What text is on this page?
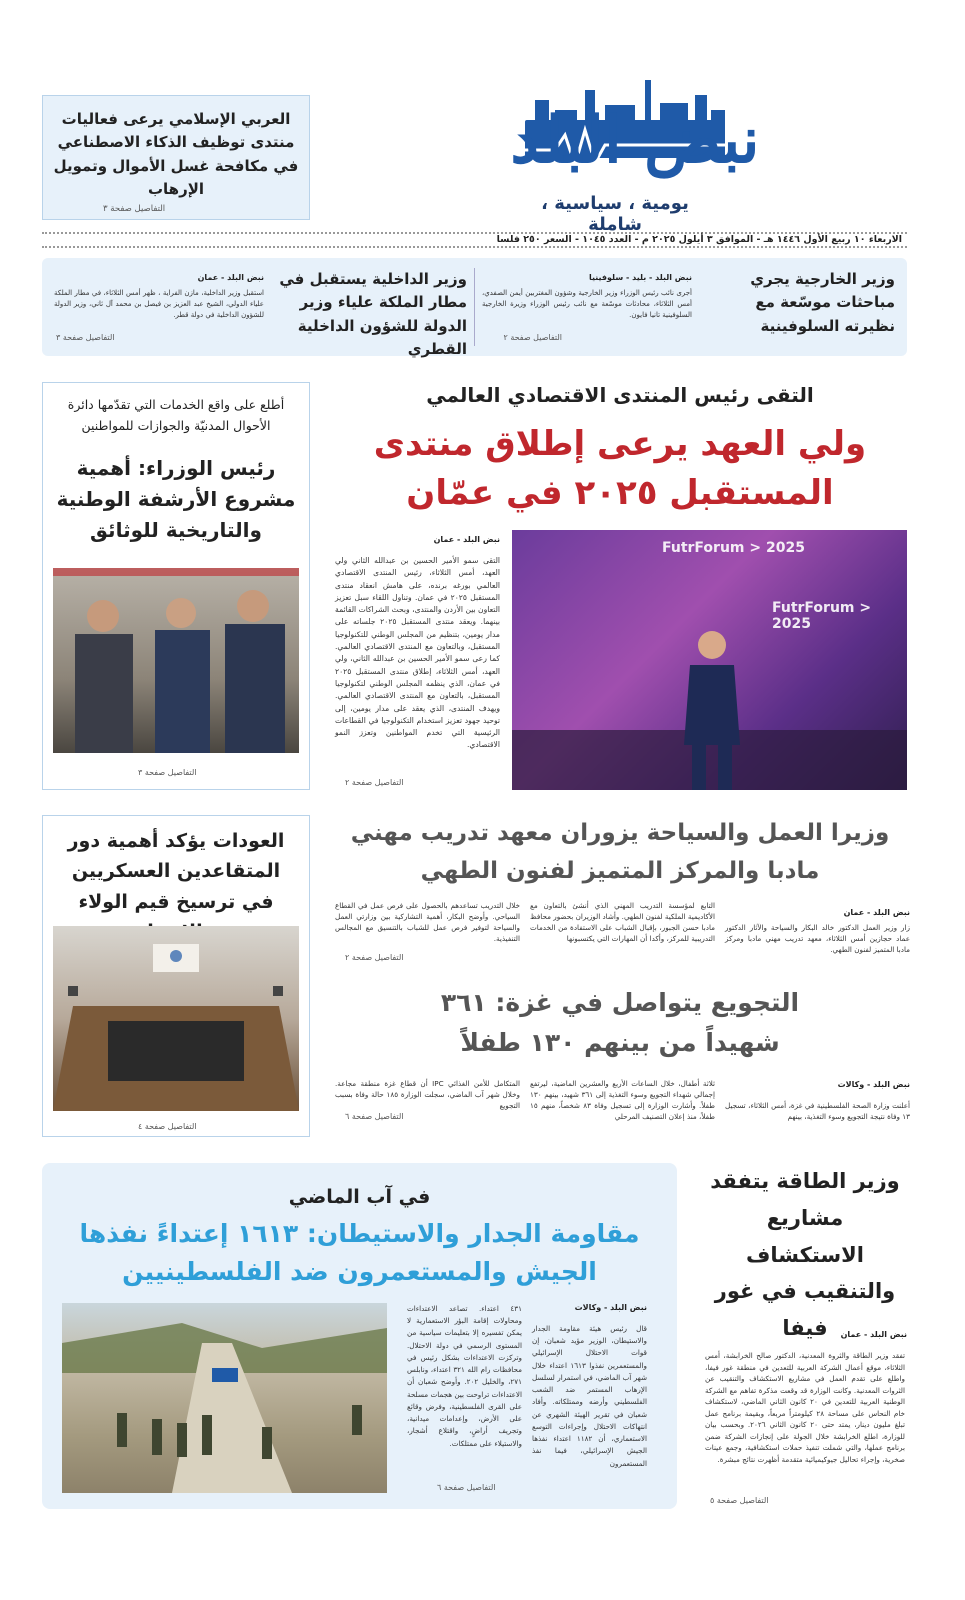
نبض البلد
يومية ، سياسية ، شاملة
العربي الإسلامي يرعى فعاليات منتدى توظيف الذكاء الاصطناعي في مكافحة غسل الأموال وتمويل الإرهاب
التفاصيل صفحة ٣
الاربعاء ١٠ ربيع الأول ١٤٤٦ هـ - الموافق ٣ أيلول ٢٠٢٥ م - العدد ١٠٤٥ - السعر ٢٥٠ فلسا
وزير الخارجية يجري مباحثات موسّعة مع نظيرته السلوفينية
نبض البلد - بليد - سلوفينيا
أجرى نائب رئيس الوزراء وزير الخارجية وشؤون المغتربين أيمن الصفدي، أمس الثلاثاء، محادثات موسّعة مع نائب رئيس الوزراء وزيرة الخارجية السلوفينية تانيا فايون.
التفاصيل صفحة ٢
وزير الداخلية يستقبل في مطار الملكة علياء وزير الدولة للشؤون الداخلية القطري
نبض البلد - عمان
استقبل وزير الداخلية، مازن الفراية ، ظهر أمس الثلاثاء، في مطار الملكة علياء الدولي، الشيخ عبد العزيز بن فيصل بن محمد آل ثاني، وزير الدولة للشؤون الداخلية في دولة قطر.
التفاصيل صفحة ٣
التقى رئيس المنتدى الاقتصادي العالمي
ولي العهد يرعى إطلاق منتدى المستقبل ٢٠٢٥ في عمّان
نبض البلد - عمان
التقى سمو الأمير الحسين بن عبدالله الثاني ولي العهد، أمس الثلاثاء، رئيس المنتدى الاقتصادي العالمي بورغه برنده، على هامش انعقاد منتدى المستقبل ٢٠٢٥ في عمان. وتناول اللقاء سبل تعزيز التعاون بين الأردن والمنتدى، وبحث الشراكات القائمة بينهما. ويعقد منتدى المستقبل ٢٠٢٥ جلساته على مدار يومين، بتنظيم من المجلس الوطني للتكنولوجيا المستقبل، وبالتعاون مع المنتدى الاقتصادي العالمي. كما رعى سمو الأمير الحسين بن عبدالله الثاني، ولي العهد، أمس الثلاثاء، إطلاق منتدى المستقبل ٢٠٢٥ في عمان، الذي ينظمه المجلس الوطني لتكنولوجيا المستقبل، بالتعاون مع المنتدى الاقتصادي العالمي. ويهدف المنتدى، الذي يعقد على مدار يومين، إلى توحيد جهود تعزيز استخدام التكنولوجيا في القطاعات الرئيسية التي تخدم المواطنين وتعزز النمو الاقتصادي.
التفاصيل صفحة ٢
FutrForum > 2025
FutrForum > 2025
أطلع على واقع الخدمات التي تقدّمها دائرة الأحوال المدنيّة والجوازات للمواطنين
رئيس الوزراء: أهمية مشروع الأرشفة الوطنية والتاريخية للوثائق
التفاصيل صفحة ٣
وزيرا العمل والسياحة يزوران معهد تدريب مهني مادبا والمركز المتميز لفنون الطهي
نبض البلد - عمان
زار وزير العمل الدكتور خالد البكار والسياحة والآثار الدكتور عماد حجازين أمس الثلاثاء، معهد تدريب مهني مادبا ومركز مادبا المتميز لفنون الطهي.
التابع لمؤسسة التدريب المهني الذي أنشئ بالتعاون مع الأكاديمية الملكية لفنون الطهي. وأشاد الوزيران بحضور محافظ مادبا حسن الجبور، بإقبال الشباب على الاستفادة من الخدمات التدريبية للمركز، وأكدا أن المهارات التي يكتسبونها
خلال التدريب تساعدهم بالحصول على فرص عمل في القطاع السياحي. وأوضح البكار، أهمية التشاركية بين وزارتي العمل والسياحة لتوفير فرص عمل للشباب بالتنسيق مع المجالس التنفيذية.
التفاصيل صفحة ٢
التجويع يتواصل في غزة: ٣٦١ شهيداً من بينهم ١٣٠ طفلاً
نبض البلد - وكالات
أعلنت وزارة الصحة الفلسطينية في غزة، أمس الثلاثاء، تسجيل ١٣ وفاة نتيجة التجويع وسوء التغذية، بينهم
ثلاثة أطفال، خلال الساعات الأربع والعشرين الماضية، ليرتفع إجمالي شهداء التجويع وسوء التغذية إلى ٣٦١ شهيد، بينهم ١٣٠ طفلاً. وأشارت الوزارة إلى تسجيل وفاة ٨٣ شخصاً، منهم ١٥ طفلاً، منذ إعلان التصنيف المرحلي
المتكامل للأمن الغذائي IPC أن قطاع غزة منطقة مجاعة. وخلال شهر آب الماضي، سجلت الوزارة ١٨٥ حالة وفاة بسبب التجويع
التفاصيل صفحة ٦
العودات يؤكد أهمية دور المتقاعدين العسكريين في ترسيخ قيم الولاء
التفاصيل صفحة ٤
في آب الماضي
مقاومة الجدار والاستيطان: ١٦١٣ إعتداءً نفذها الجيش والمستعمرون ضد الفلسطينيين
نبض البلد - وكالات
قال رئيس هيئة مقاومة الجدار والاستيطان، الوزير مؤيد شعبان، إن قوات الاحتلال الإسرائيلي والمستعمرين نفذوا ١٦١٣ اعتداء خلال شهر آب الماضي، في استمرار لسلسل الإرهاب المستمر ضد الشعب الفلسطيني وأرضه وممتلكاته. وأفاد شعبان في تقرير الهيئة الشهري عن انتهاكات الاحتلال وإجراءات التوسع الاستعماري، أن ١١٨٢ اعتداء نفذها الجيش الإسرائيلي، فيما نفذ المستعمرون
٤٣١ اعتداء. تصاعد الاعتداءات ومحاولات إقامة البؤر الاستعمارية لا يمكن تفسيره إلا بتعليمات سياسية من المستوى الرسمي في دولة الاحتلال. وتركزت الاعتداءات بشكل رئيس في محافظات رام الله ٣٢١ اعتداء، ونابلس ٢٧١، والخليل ٢٠٢. وأوضح شعبان أن الاعتداءات تراوحت بين هجمات مسلحة على القرى الفلسطينية، وفرض وقائع على الأرض، وإعدامات ميدانية، وتجريف أراضٍ، واقتلاع أشجار، والاستيلاء على ممتلكات.
التفاصيل صفحة ٦
وزير الطاقة يتفقد مشاريع الاستكشاف والتنقيب في غور فيفا	نبض البلد - عمان
تفقد وزير الطاقة والثروة المعدنية، الدكتور صالح الخرابشة، أمس الثلاثاء، موقع أعمال الشركة العربية للتعدين في منطقة غور فيفا، واطلع على تقدم العمل في مشاريع الاستكشاف والتنقيب عن الثروات المعدنية. وكانت الوزارة قد وقعت مذكرة تفاهم مع الشركة الوطنية العربية للتعدين في ٢٠ كانون الثاني الماضي، لاستكشاف خام النحاس على مساحة ٢٨ كيلومتراً مربعاً، وبقيمة برنامج عمل تبلغ مليون دينار، يمتد حتى ٢٠ كانون الثاني ٢٠٢٦. وبحسب بيان للوزارة، اطلع الخرابشة خلال الجولة على إنجازات الشركة ضمن برنامج عملها، والتي شملت تنفيذ حملات استكشافية، وجمع عينات صخرية، وإجراء تحاليل جيوكيميائية متقدمة أظهرت نتائج مبشرة.
التفاصيل صفحة ٥
